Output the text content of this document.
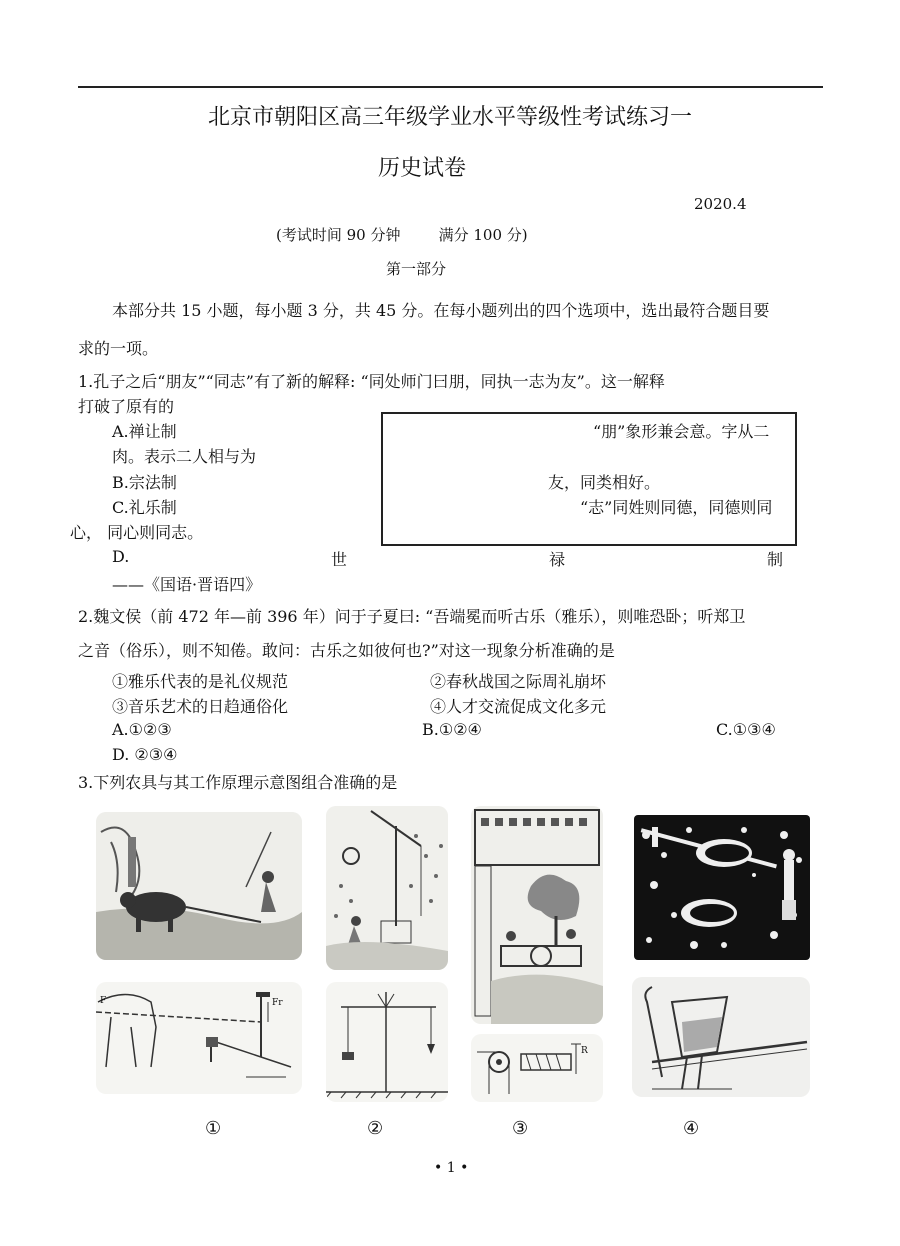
北京市朝阳区高三年级学业水平等级性考试练习一
历史试卷
2020.4
(考试时间 90 分钟        满分 100 分)
第一部分
本部分共 15 小题，每小题 3 分，共 45 分。在每小题列出的四个选项中，选出最符合题目要
求的一项。
1.孔子之后“朋友”“同志”有了新的解释: “同处师门曰朋，同执一志为友”。这一解释
打破了原有的
A.禅让制	“朋”象形兼会意。字从二
肉。表示二人相与为
B.宗法制	友，同类相好。
C.礼乐制	“志”同姓则同德，同德则同
心， 同心则同志。
D.	世	禄	制
——《国语·晋语四》
2.魏文侯（前 472 年—前 396 年）问于子夏曰: “吾端冕而听古乐（雅乐），则唯恐卧；听郑卫
之音（俗乐），则不知倦。敢问：古乐之如彼何也?”对这一现象分析准确的是
①雅乐代表的是礼仪规范	②春秋战国之际周礼崩坏
③音乐艺术的日趋通俗化	④人才交流促成文化多元
A.①②③	B.①②④	C.①③④
D. ②③④
3.下列农具与其工作原理示意图组合准确的是
F	Fr
R
①	②	③	④
• 1 •
